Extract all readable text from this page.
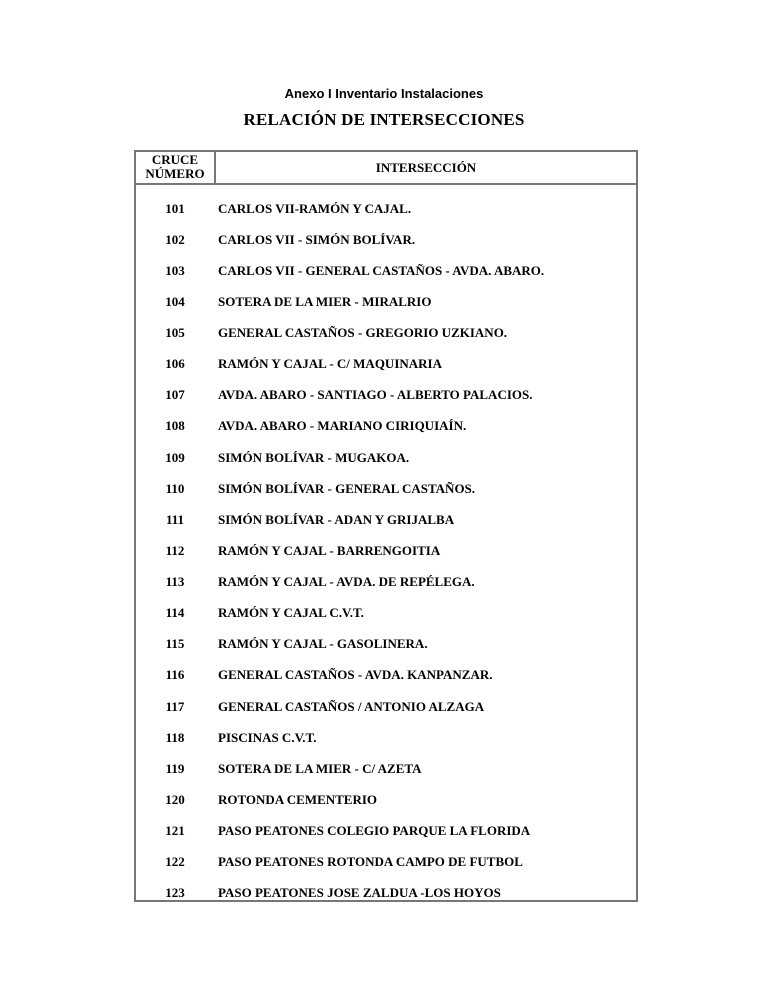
Anexo I Inventario Instalaciones
RELACIÓN DE INTERSECCIONES
CRUCE
NÚMERO	INTERSECCIÓN
101	CARLOS VII-RAMÓN Y CAJAL.
102	CARLOS VII - SIMÓN BOLÍVAR.
103	CARLOS VII - GENERAL CASTAÑOS - AVDA. ABARO.
104	SOTERA DE LA MIER - MIRALRIO
105	GENERAL CASTAÑOS - GREGORIO UZKIANO.
106	RAMÓN Y CAJAL - C/ MAQUINARIA
107	AVDA. ABARO - SANTIAGO - ALBERTO PALACIOS.
108	AVDA. ABARO - MARIANO CIRIQUIAÍN.
109	SIMÓN BOLÍVAR - MUGAKOA.
110	SIMÓN BOLÍVAR - GENERAL CASTAÑOS.
111	SIMÓN BOLÍVAR - ADAN Y GRIJALBA
112	RAMÓN Y CAJAL - BARRENGOITIA
113	RAMÓN Y CAJAL - AVDA. DE REPÉLEGA.
114	RAMÓN Y CAJAL C.V.T.
115	RAMÓN Y CAJAL - GASOLINERA.
116	GENERAL CASTAÑOS - AVDA. KANPANZAR.
117	GENERAL CASTAÑOS / ANTONIO ALZAGA
118	PISCINAS C.V.T.
119	SOTERA DE LA MIER - C/ AZETA
120	ROTONDA CEMENTERIO
121	PASO PEATONES COLEGIO PARQUE LA FLORIDA
122	PASO PEATONES ROTONDA CAMPO DE FUTBOL
123	PASO PEATONES JOSE ZALDUA -LOS HOYOS
